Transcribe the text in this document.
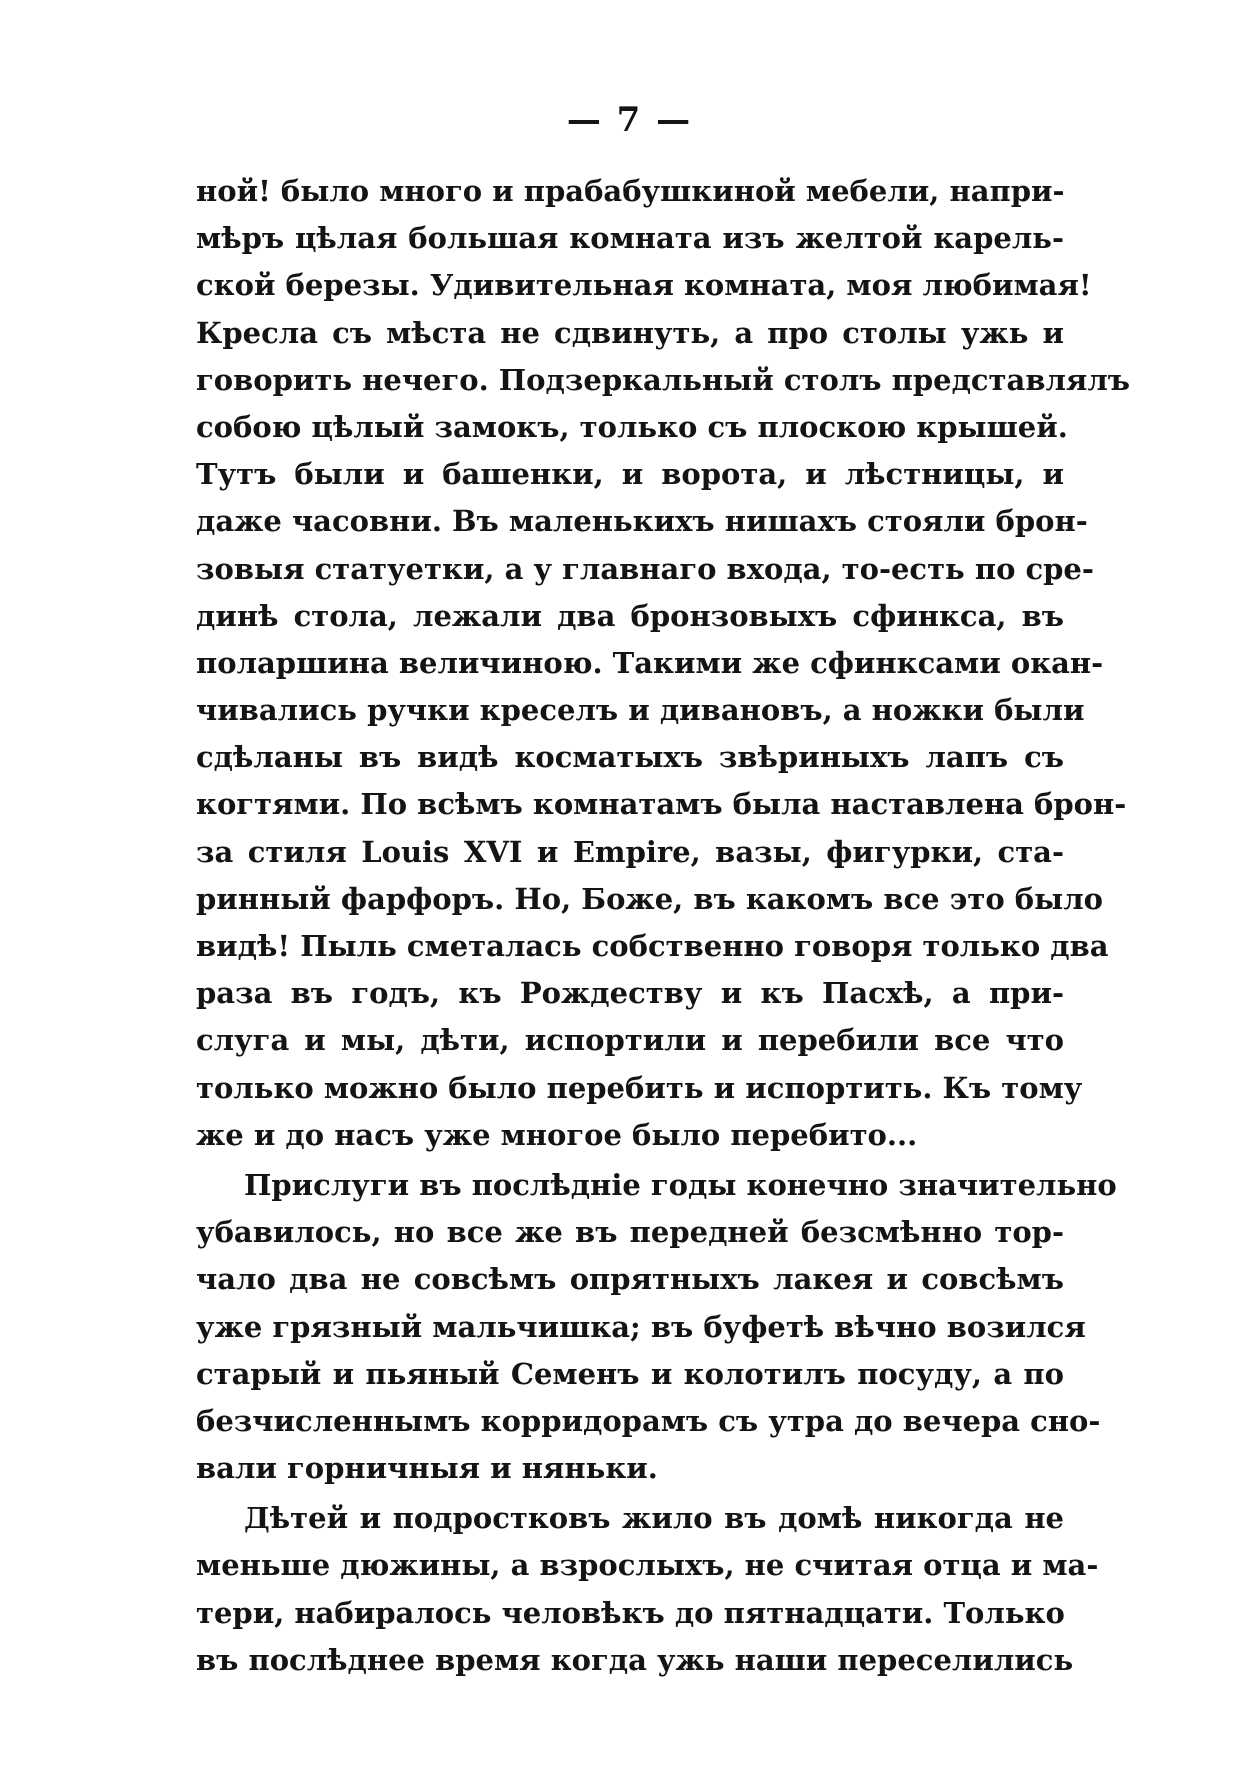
— 7 —
ной! было много и прабабушкиной мебели, напри-
мѣръ цѣлая большая комната изъ желтой карель-
ской березы. Удивительная комната, моя любимая!
Кресла съ мѣста не сдвинуть, а про столы ужь и
говорить нечего. Подзеркальный столъ представлялъ
собою цѣлый замокъ, только съ плоскою крышей.
Тутъ были и башенки, и ворота, и лѣстницы, и
даже часовни. Въ маленькихъ нишахъ стояли брон-
зовыя статуетки, а у главнаго входа, то-есть по сре-
динѣ стола, лежали два бронзовыхъ сфинкса, въ
поларшина величиною. Такими же сфинксами окан-
чивались ручки креселъ и дивановъ, а ножки были
сдѣланы въ видѣ косматыхъ звѣриныхъ лапъ съ
когтями. По всѣмъ комнатамъ была наставлена брон-
за стиля Louis XVI и Empire, вазы, фигурки, ста-
ринный фарфоръ. Но, Боже, въ какомъ все это было
видѣ! Пыль сметалась собственно говоря только два
раза въ годъ, къ Рождеству и къ Пасхѣ, а при-
слуга и мы, дѣти, испортили и перебили все что
только можно было перебить и испортить. Къ тому
же и до насъ уже многое было перебито...
Прислуги въ послѣдніе годы конечно значительно
убавилось, но все же въ передней безсмѣнно тор-
чало два не совсѣмъ опрятныхъ лакея и совсѣмъ
уже грязный мальчишка; въ буфетѣ вѣчно возился
старый и пьяный Семенъ и колотилъ посуду, а по
безчисленнымъ корридорамъ съ утра до вечера сно-
вали горничныя и няньки.
Дѣтей и подростковъ жило въ домѣ никогда не
меньше дюжины, а взрослыхъ, не считая отца и ма-
тери, набиралось человѣкъ до пятнадцати. Только
въ послѣднее время когда ужь наши переселились
